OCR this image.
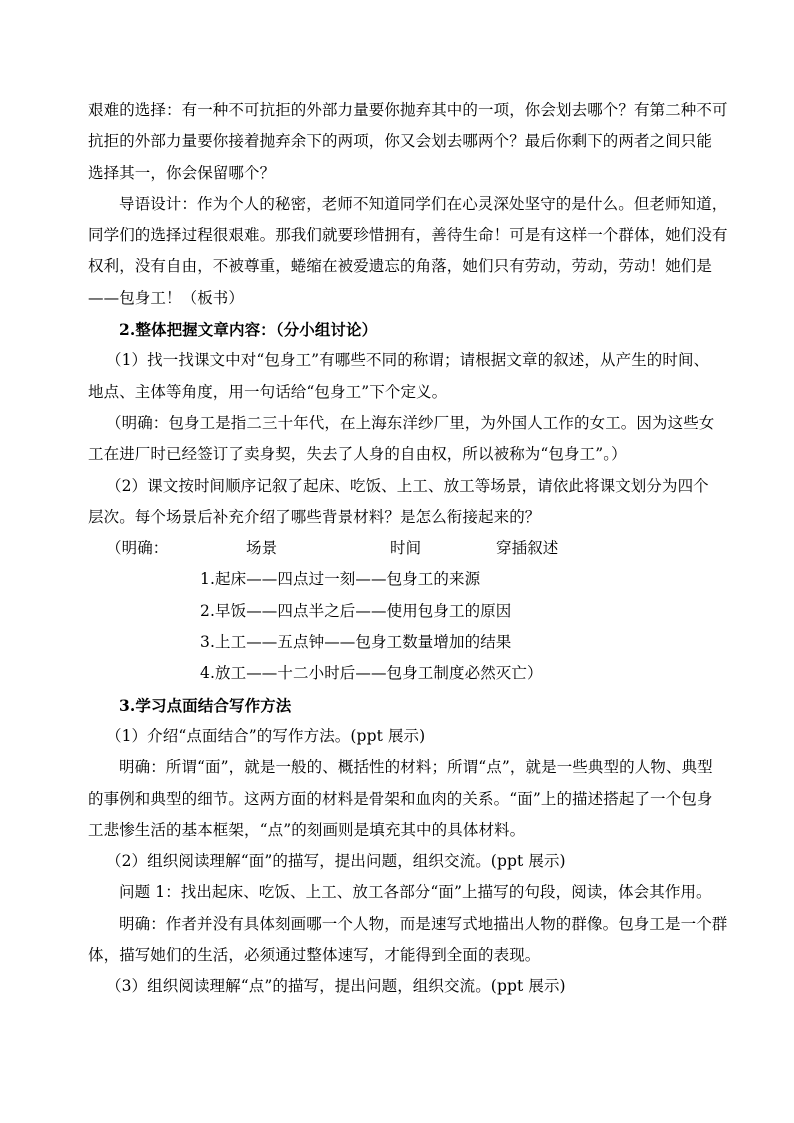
艰难的选择：有一种不可抗拒的外部力量要你抛弃其中的一项，你会划去哪个？有第二种不可
抗拒的外部力量要你接着抛弃余下的两项，你又会划去哪两个？最后你剩下的两者之间只能
选择其一，你会保留哪个？
导语设计：作为个人的秘密，老师不知道同学们在心灵深处坚守的是什么。但老师知道，
同学们的选择过程很艰难。那我们就要珍惜拥有，善待生命！可是有这样一个群体，她们没有
权利，没有自由，不被尊重，蜷缩在被爱遗忘的角落，她们只有劳动，劳动，劳动！她们是
——包身工！（板书）
2.整体把握文章内容：（分小组讨论）
（1）找一找课文中对“包身工”有哪些不同的称谓；请根据文章的叙述，从产生的时间、
地点、主体等角度，用一句话给“包身工”下个定义。
（明确：包身工是指二三十年代，在上海东洋纱厂里，为外国人工作的女工。因为这些女
工在进厂时已经签订了卖身契，失去了人身的自由权，所以被称为“包身工”。）
（2）课文按时间顺序记叙了起床、吃饭、上工、放工等场景，请依此将课文划分为四个
层次。每个场景后补充介绍了哪些背景材料？是怎么衔接起来的？
（明确：	场景	时间	穿插叙述
1.起床——四点过一刻——包身工的来源
2.早饭——四点半之后——使用包身工的原因
3.上工——五点钟——包身工数量增加的结果
4.放工——十二小时后——包身工制度必然灭亡）
3.学习点面结合写作方法
（1）介绍“点面结合”的写作方法。(ppt 展示)
明确：所谓“面”，就是一般的、概括性的材料；所谓“点”，就是一些典型的人物、典型
的事例和典型的细节。这两方面的材料是骨架和血肉的关系。“面”上的描述搭起了一个包身
工悲惨生活的基本框架，“点”的刻画则是填充其中的具体材料。
（2）组织阅读理解“面”的描写，提出问题，组织交流。(ppt 展示)
问题 1：找出起床、吃饭、上工、放工各部分“面”上描写的句段，阅读，体会其作用。
明确：作者并没有具体刻画哪一个人物，而是速写式地描出人物的群像。包身工是一个群
体，描写她们的生活，必须通过整体速写，才能得到全面的表现。
（3）组织阅读理解“点”的描写，提出问题，组织交流。(ppt 展示)
